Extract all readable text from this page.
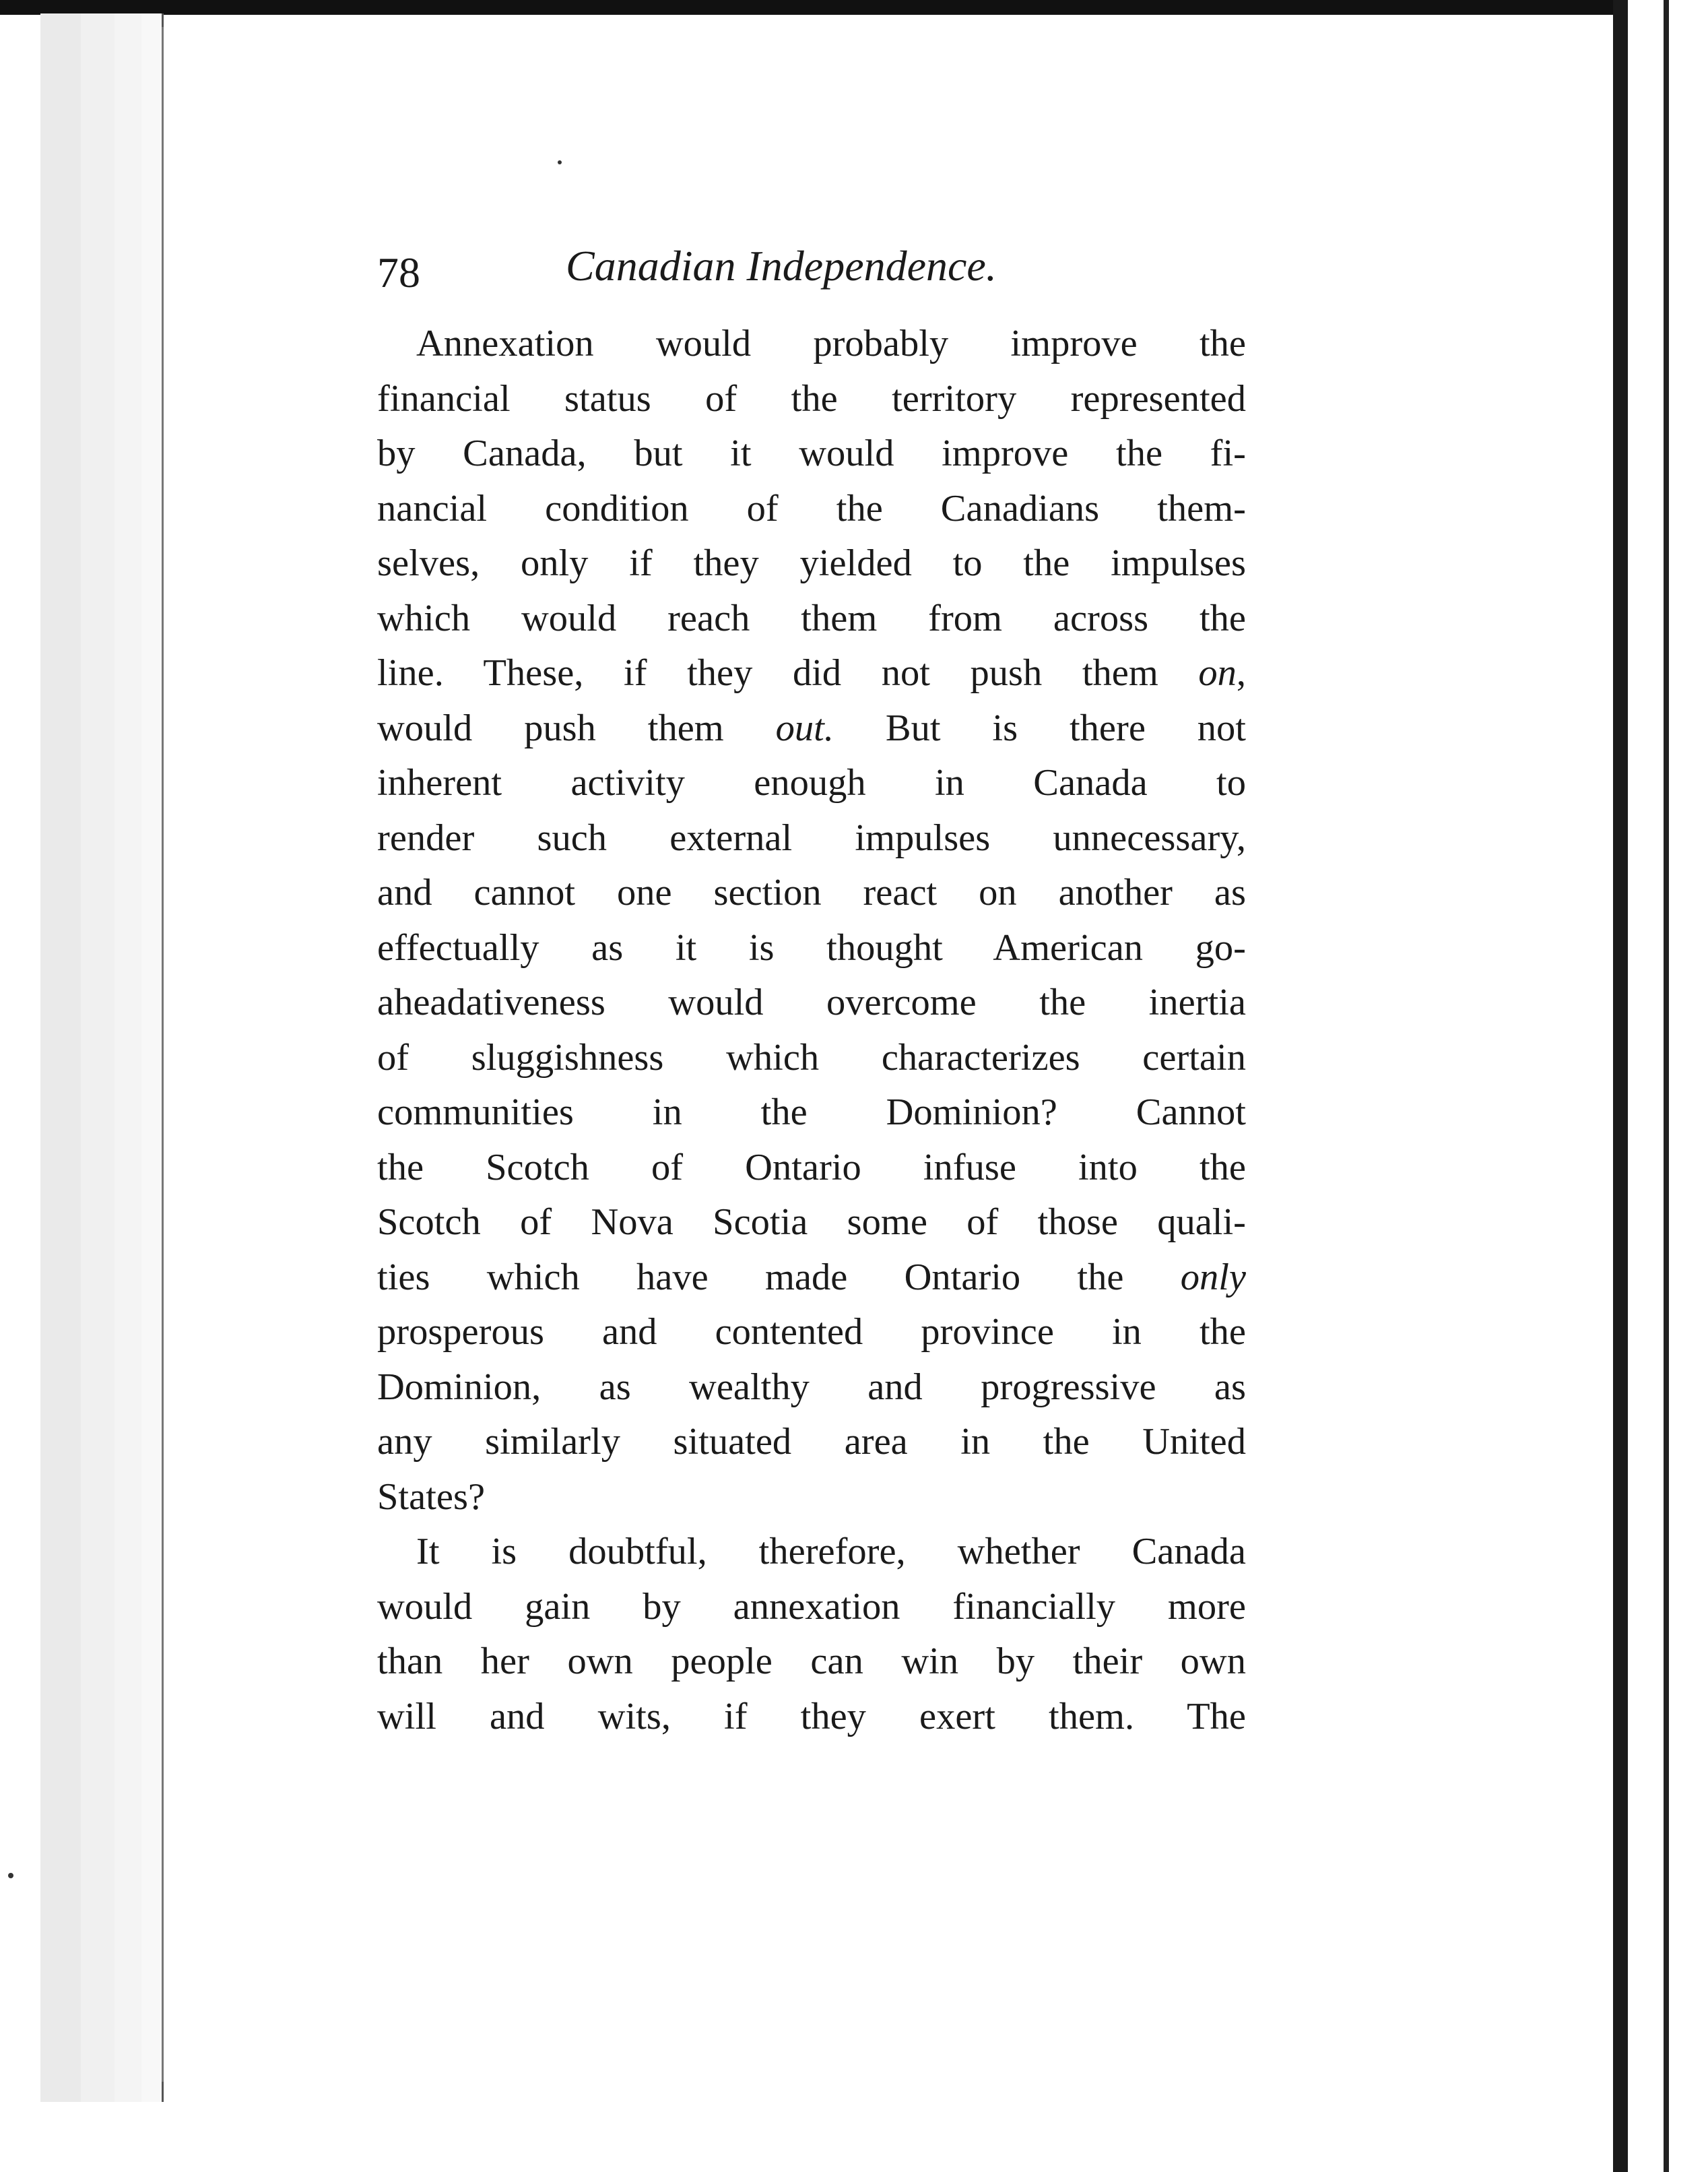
78	Canadian Independence.
Annexation would probably improve the
financial status of the territory represented
by Canada, but it would improve the fi-
nancial condition of the Canadians them-
selves, only if they yielded to the impulses
which would reach them from across the
line. These, if they did not push them on,
would push them out. But is there not
inherent activity enough in Canada to
render such external impulses unnecessary,
and cannot one section react on another as
effectually as it is thought American go-
aheadativeness would overcome the inertia
of sluggishness which characterizes certain
communities in the Dominion? Cannot
the Scotch of Ontario infuse into the
Scotch of Nova Scotia some of those quali-
ties which have made Ontario the only
prosperous and contented province in the
Dominion, as wealthy and progressive as
any similarly situated area in the United
States?
It is doubtful, therefore, whether Canada
would gain by annexation financially more
than her own people can win by their own
will and wits, if they exert them. The
